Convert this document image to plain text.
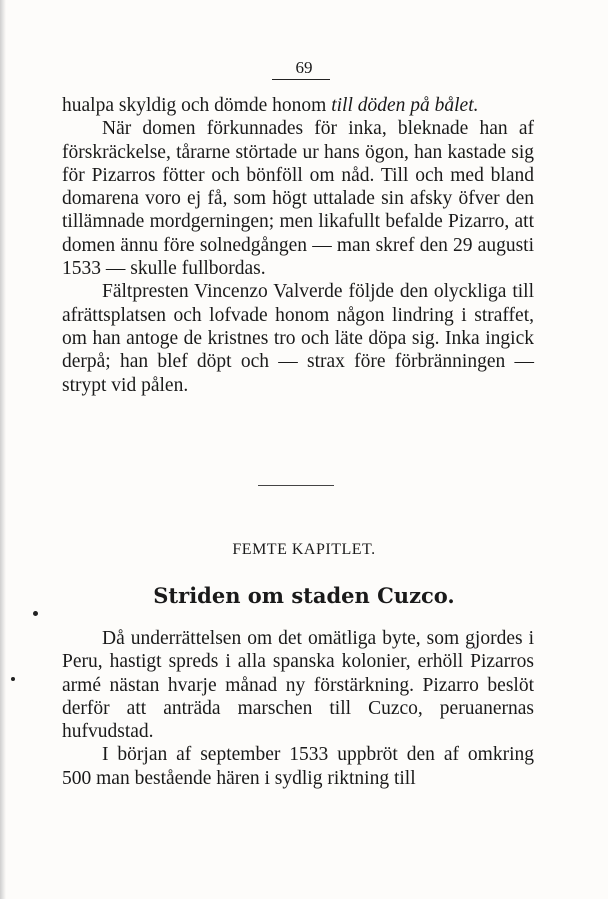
69

hualpa skyldig och dömde honom till döden på bålet.

När domen förkunnades för inka, bleknade han af förskräckelse, tårarne störtade ur hans ögon, han kastade sig för Pizarros fötter och bönföll om nåd. Till och med bland domarena voro ej få, som högt uttalade sin afsky öfver den tillämnade mordgerningen; men likafullt befalde Pizarro, att domen ännu före solnedgången — man skref den 29 augusti 1533 — skulle fullbordas.

Fältpresten Vincenzo Valverde följde den olyckliga till afrättsplatsen och lofvade honom någon lindring i straffet, om han antoge de kristnes tro och läte döpa sig. Inka ingick derpå; han blef döpt och — strax före förbränningen — strypt vid pålen.

FEMTE KAPITLET.
Striden om staden Cuzco.

Då underrättelsen om det omätliga byte, som gjordes i Peru, hastigt spreds i alla spanska kolonier, erhöll Pizarros armé nästan hvarje månad ny förstärkning. Pizarro beslöt derför att anträda marschen till Cuzco, peruanernas hufvudstad.

I början af september 1533 uppbröt den af omkring 500 man bestående hären i sydlig riktning till
